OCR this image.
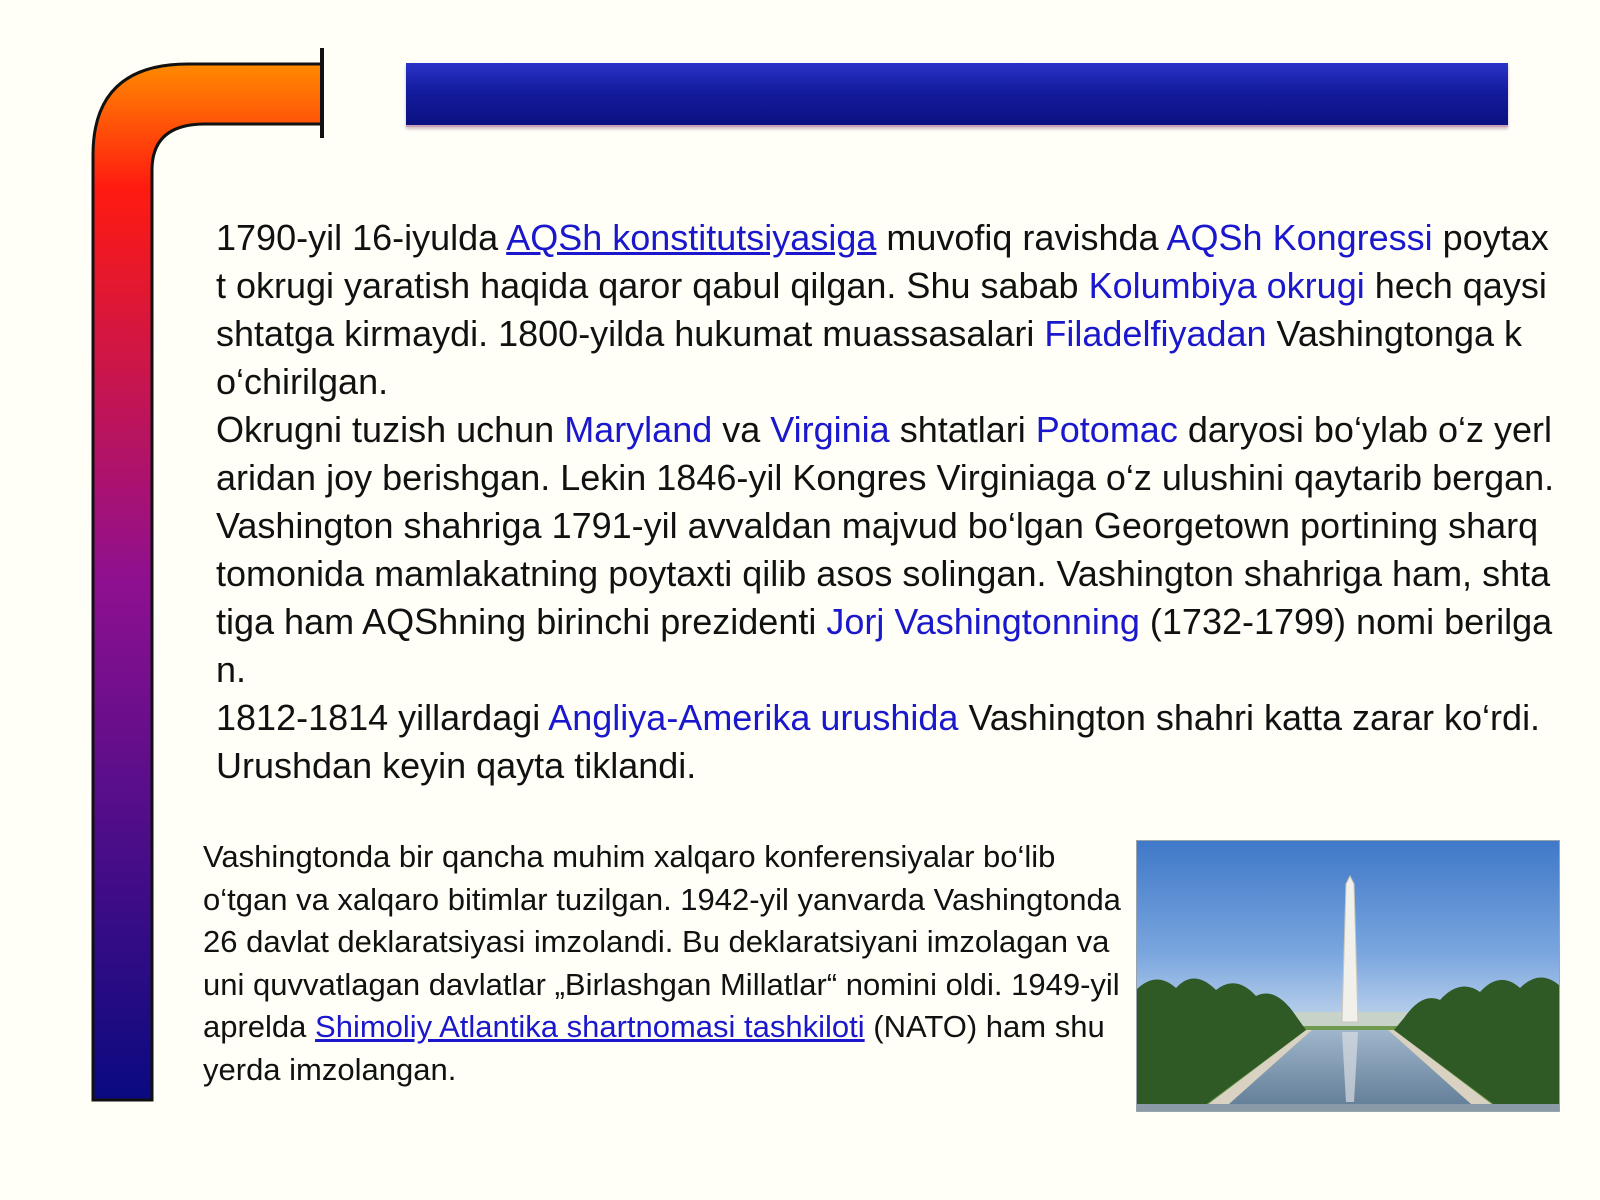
1790-yil 16-iyulda AQSh konstitutsiyasiga muvofiq ravishda AQSh Kongressi poytaxt okrugi yaratish haqida qaror qabul qilgan. Shu sabab Kolumbiya okrugi hech qaysi shtatga kirmaydi. 1800-yilda hukumat muassasalari Filadelfiyadan Vashingtonga ko‘chirilgan.

Okrugni tuzish uchun Maryland va Virginia shtatlari Potomac daryosi bo‘ylab o‘z yerlaridan joy berishgan. Lekin 1846-yil Kongres Virginiaga o‘z ulushini qaytarib bergan. Vashington shahriga 1791-yil avvaldan majvud bo‘lgan Georgetown portining sharq tomonida mamlakatning poytaxti qilib asos solingan. Vashington shahriga ham, shtatiga ham AQShning birinchi prezidenti Jorj Vashingtonning (1732-1799) nomi berilgan.

1812-1814 yillardagi Angliya-Amerika urushida Vashington shahri katta zarar ko‘rdi. Urushdan keyin qayta tiklandi.

Vashingtonda bir qancha muhim xalqaro konferensiyalar bo‘lib o‘tgan va xalqaro bitimlar tuzilgan. 1942-yil yanvarda Vashingtonda 26 davlat deklaratsiyasi imzolandi. Bu deklaratsiyani imzolagan va uni quvvatlagan davlatlar „Birlashgan Millatlar“ nomini oldi. 1949-yil aprelda Shimoliy Atlantika shartnomasi tashkiloti (NATO) ham shu yerda imzolangan.
